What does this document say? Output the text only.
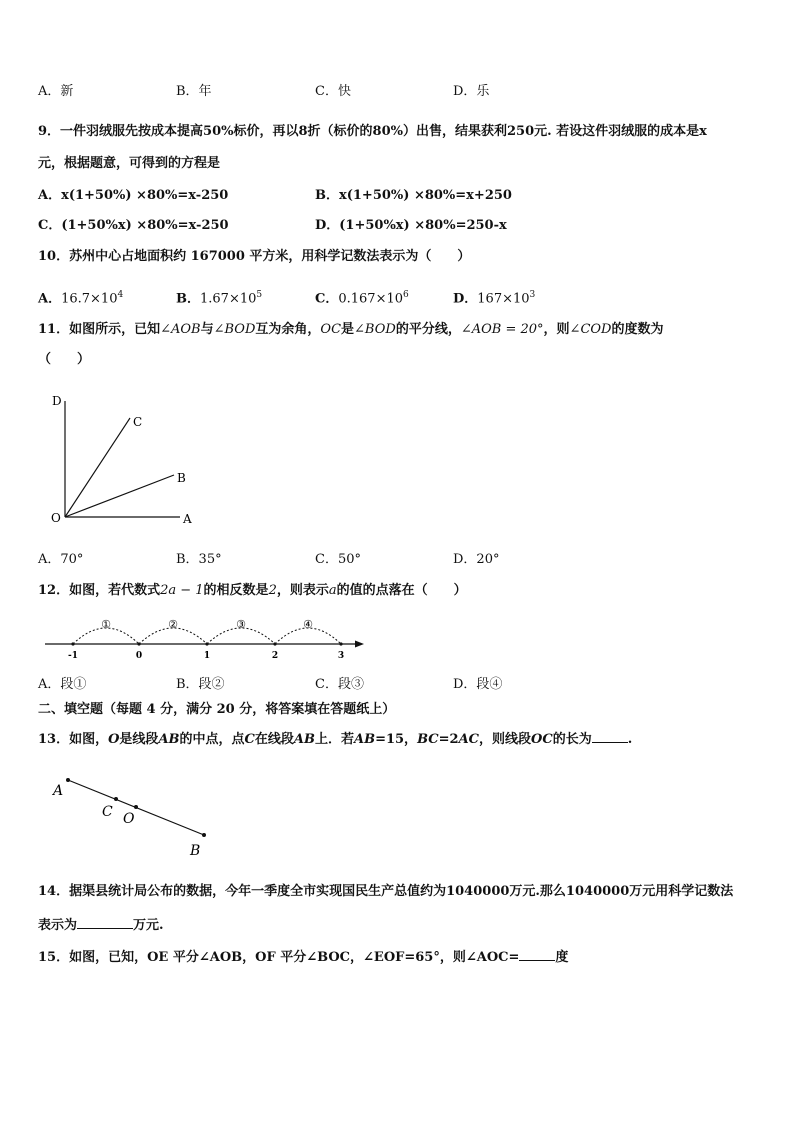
A．新	B．年	C．快	D．乐
9．一件羽绒服先按成本提高50%标价，再以8折（标价的80%）出售，结果获利250元. 若设这件羽绒服的成本是x
元，根据题意，可得到的方程是
A．x(1+50%) ×80%=x-250	B．x(1+50%) ×80%=x+250
C．(1+50%x) ×80%=x-250	D．(1+50%x) ×80%=250-x
10．苏州中心占地面积约 167000 平方米，用科学记数法表示为（　　）
A．$16.7\times 10^4$	B．$1.67\times 10^5$	C．$0.167\times 10^6$	D．$167\times 10^3$
11．如图所示，已知∠AOB与∠BOD互为余角，OC是∠BOD的平分线，∠AOB = 20°，则∠COD的度数为
（　　）
D
C
B
O	A
A．70°	B．35°	C．50°	D．20°
12．如图，若代数式2a − 1的相反数是2，则表示a的值的点落在（　　）
①	②	③	④
-1	0	1	2	3
A．段①	B．段②	C．段③	D．段④
二、填空题（每题 4 分，满分 20 分，将答案填在答题纸上）
13．如图，O是线段AB的中点，点C在线段AB上．若AB=15，BC=2AC，则线段OC的长为	.
A
C O
B
14．据渠县统计局公布的数据，今年一季度全市实现国民生产总值约为1040000万元.那么1040000万元用科学记数法
表示为	万元.
15．如图，已知，OE 平分∠AOB，OF 平分∠BOC，∠EOF=65°，则∠AOC=	度
